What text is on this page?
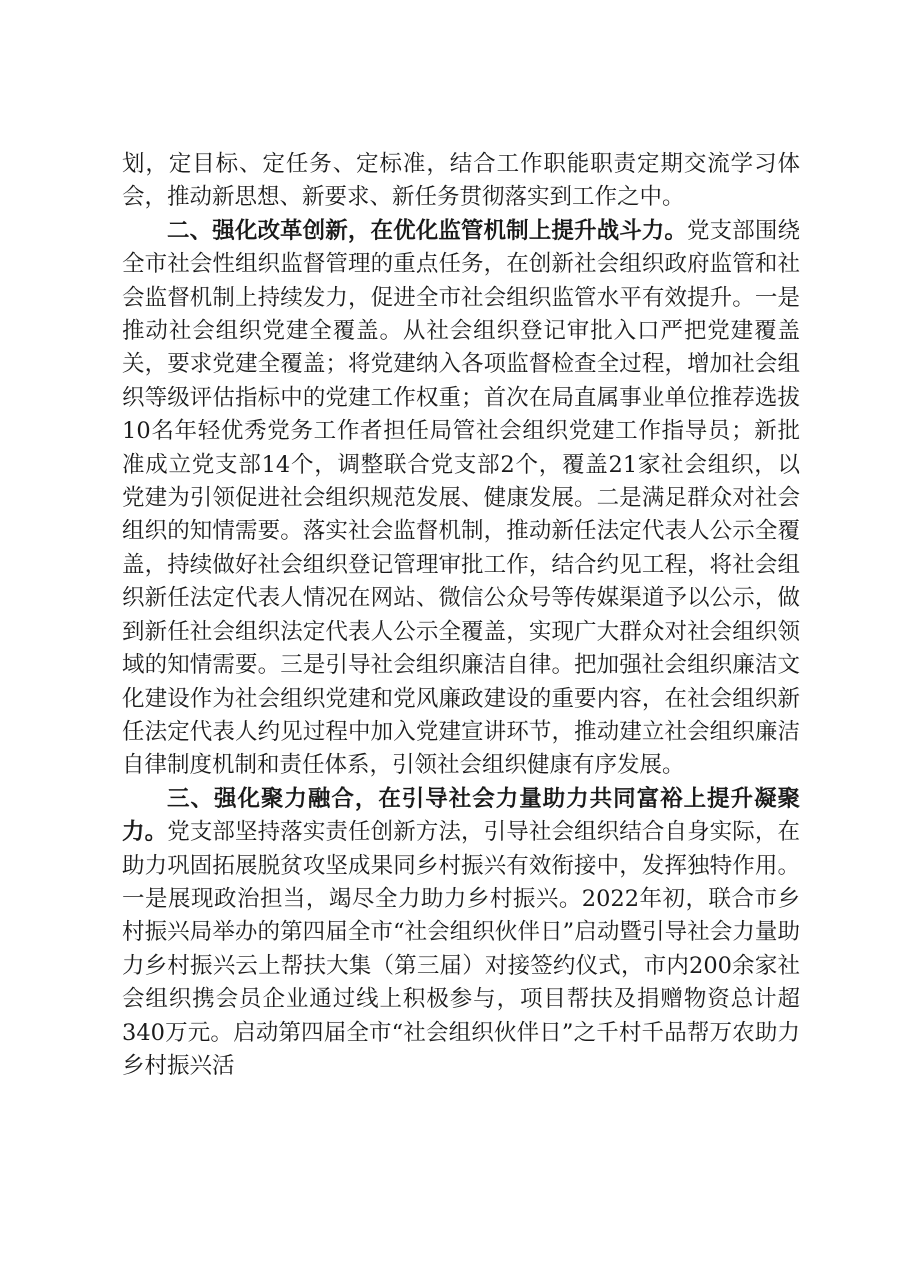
划，定目标、定任务、定标准，结合工作职能职责定期交流学习体会，推动新思想、新要求、新任务贯彻落实到工作之中。

二、强化改革创新，在优化监管机制上提升战斗力。党支部围绕全市社会性组织监督管理的重点任务，在创新社会组织政府监管和社会监督机制上持续发力，促进全市社会组织监管水平有效提升。一是推动社会组织党建全覆盖。从社会组织登记审批入口严把党建覆盖关，要求党建全覆盖；将党建纳入各项监督检查全过程，增加社会组织等级评估指标中的党建工作权重；首次在局直属事业单位推荐选拔10名年轻优秀党务工作者担任局管社会组织党建工作指导员；新批准成立党支部14个，调整联合党支部2个，覆盖21家社会组织，以党建为引领促进社会组织规范发展、健康发展。二是满足群众对社会组织的知情需要。落实社会监督机制，推动新任法定代表人公示全覆盖，持续做好社会组织登记管理审批工作，结合约见工程，将社会组织新任法定代表人情况在网站、微信公众号等传媒渠道予以公示，做到新任社会组织法定代表人公示全覆盖，实现广大群众对社会组织领域的知情需要。三是引导社会组织廉洁自律。把加强社会组织廉洁文化建设作为社会组织党建和党风廉政建设的重要内容，在社会组织新任法定代表人约见过程中加入党建宣讲环节，推动建立社会组织廉洁自律制度机制和责任体系，引领社会组织健康有序发展。

三、强化聚力融合，在引导社会力量助力共同富裕上提升凝聚力。党支部坚持落实责任创新方法，引导社会组织结合自身实际，在助力巩固拓展脱贫攻坚成果同乡村振兴有效衔接中，发挥独特作用。一是展现政治担当，竭尽全力助力乡村振兴。2022年初，联合市乡村振兴局举办的第四届全市“社会组织伙伴日”启动暨引导社会力量助力乡村振兴云上帮扶大集（第三届）对接签约仪式，市内200余家社会组织携会员企业通过线上积极参与，项目帮扶及捐赠物资总计超340万元。启动第四届全市“社会组织伙伴日”之千村千品帮万农助力乡村振兴活
